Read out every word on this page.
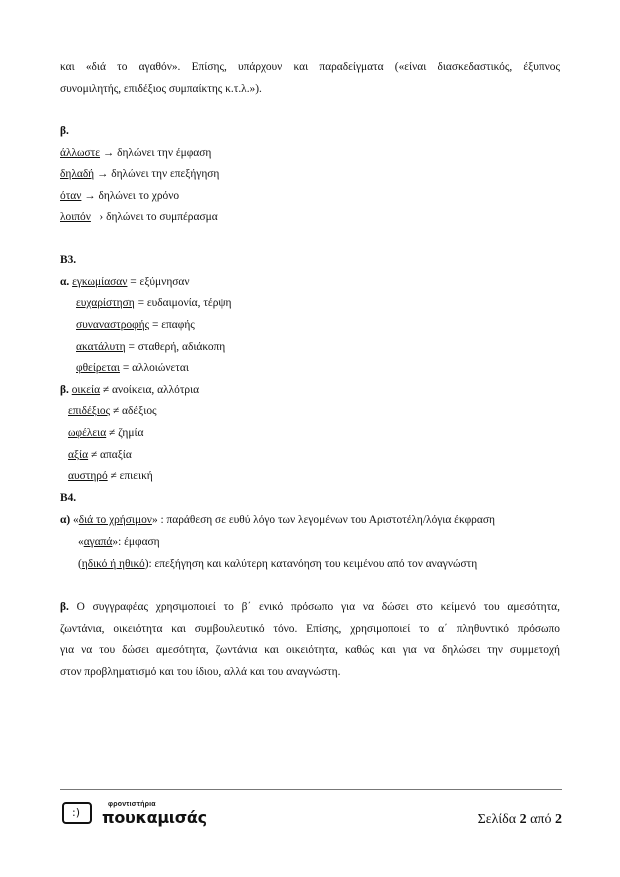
και «διά το αγαθόν». Επίσης, υπάρχουν και παραδείγματα («είναι διασκεδαστικός, έξυπνος
συνομιλητής, επιδέξιος συμπαίκτης κ.τ.λ.»).
β.
άλλωστε → δηλώνει την έμφαση
δηλαδή → δηλώνει την επεξήγηση
όταν → δηλώνει το χρόνο
λοιπόν   › δηλώνει το συμπέρασμα
Β3.
α. εγκωμίασαν = εξύμνησαν
ευχαρίστηση = ευδαιμονία, τέρψη
συναναστροφής = επαφής
ακατάλυτη = σταθερή, αδιάκοπη
φθείρεται = αλλοιώνεται
β. οικεία ≠ ανοίκεια, αλλότρια
επιδέξιος ≠ αδέξιος
ωφέλεια ≠ ζημία
αξία ≠ απαξία
αυστηρό ≠ επιεική
Β4.
α) «διά το χρήσιμον» : παράθεση σε ευθύ λόγο των λεγομένων του Αριστοτέλη/λόγια έκφραση
«αγαπά»: έμφαση
(ηδικό ή ηθικό): επεξήγηση και καλύτερη κατανόηση του κειμένου από τον αναγνώστη
β. Ο συγγραφέας χρησιμοποιεί το β΄ ενικό πρόσωπο για να δώσει στο κείμενό του αμεσότητα,
ζωντάνια, οικειότητα και συμβουλευτικό τόνο. Επίσης, χρησιμοποιεί το α΄ πληθυντικό πρόσωπο
για να του δώσει αμεσότητα, ζωντάνια και οικειότητα, καθώς και για να δηλώσει την συμμετοχή
στον προβληματισμό και του ίδιου, αλλά και του αναγνώστη.
:)
φροντιστήρια
πουκαμισάς	Σελίδα 2 από 2
